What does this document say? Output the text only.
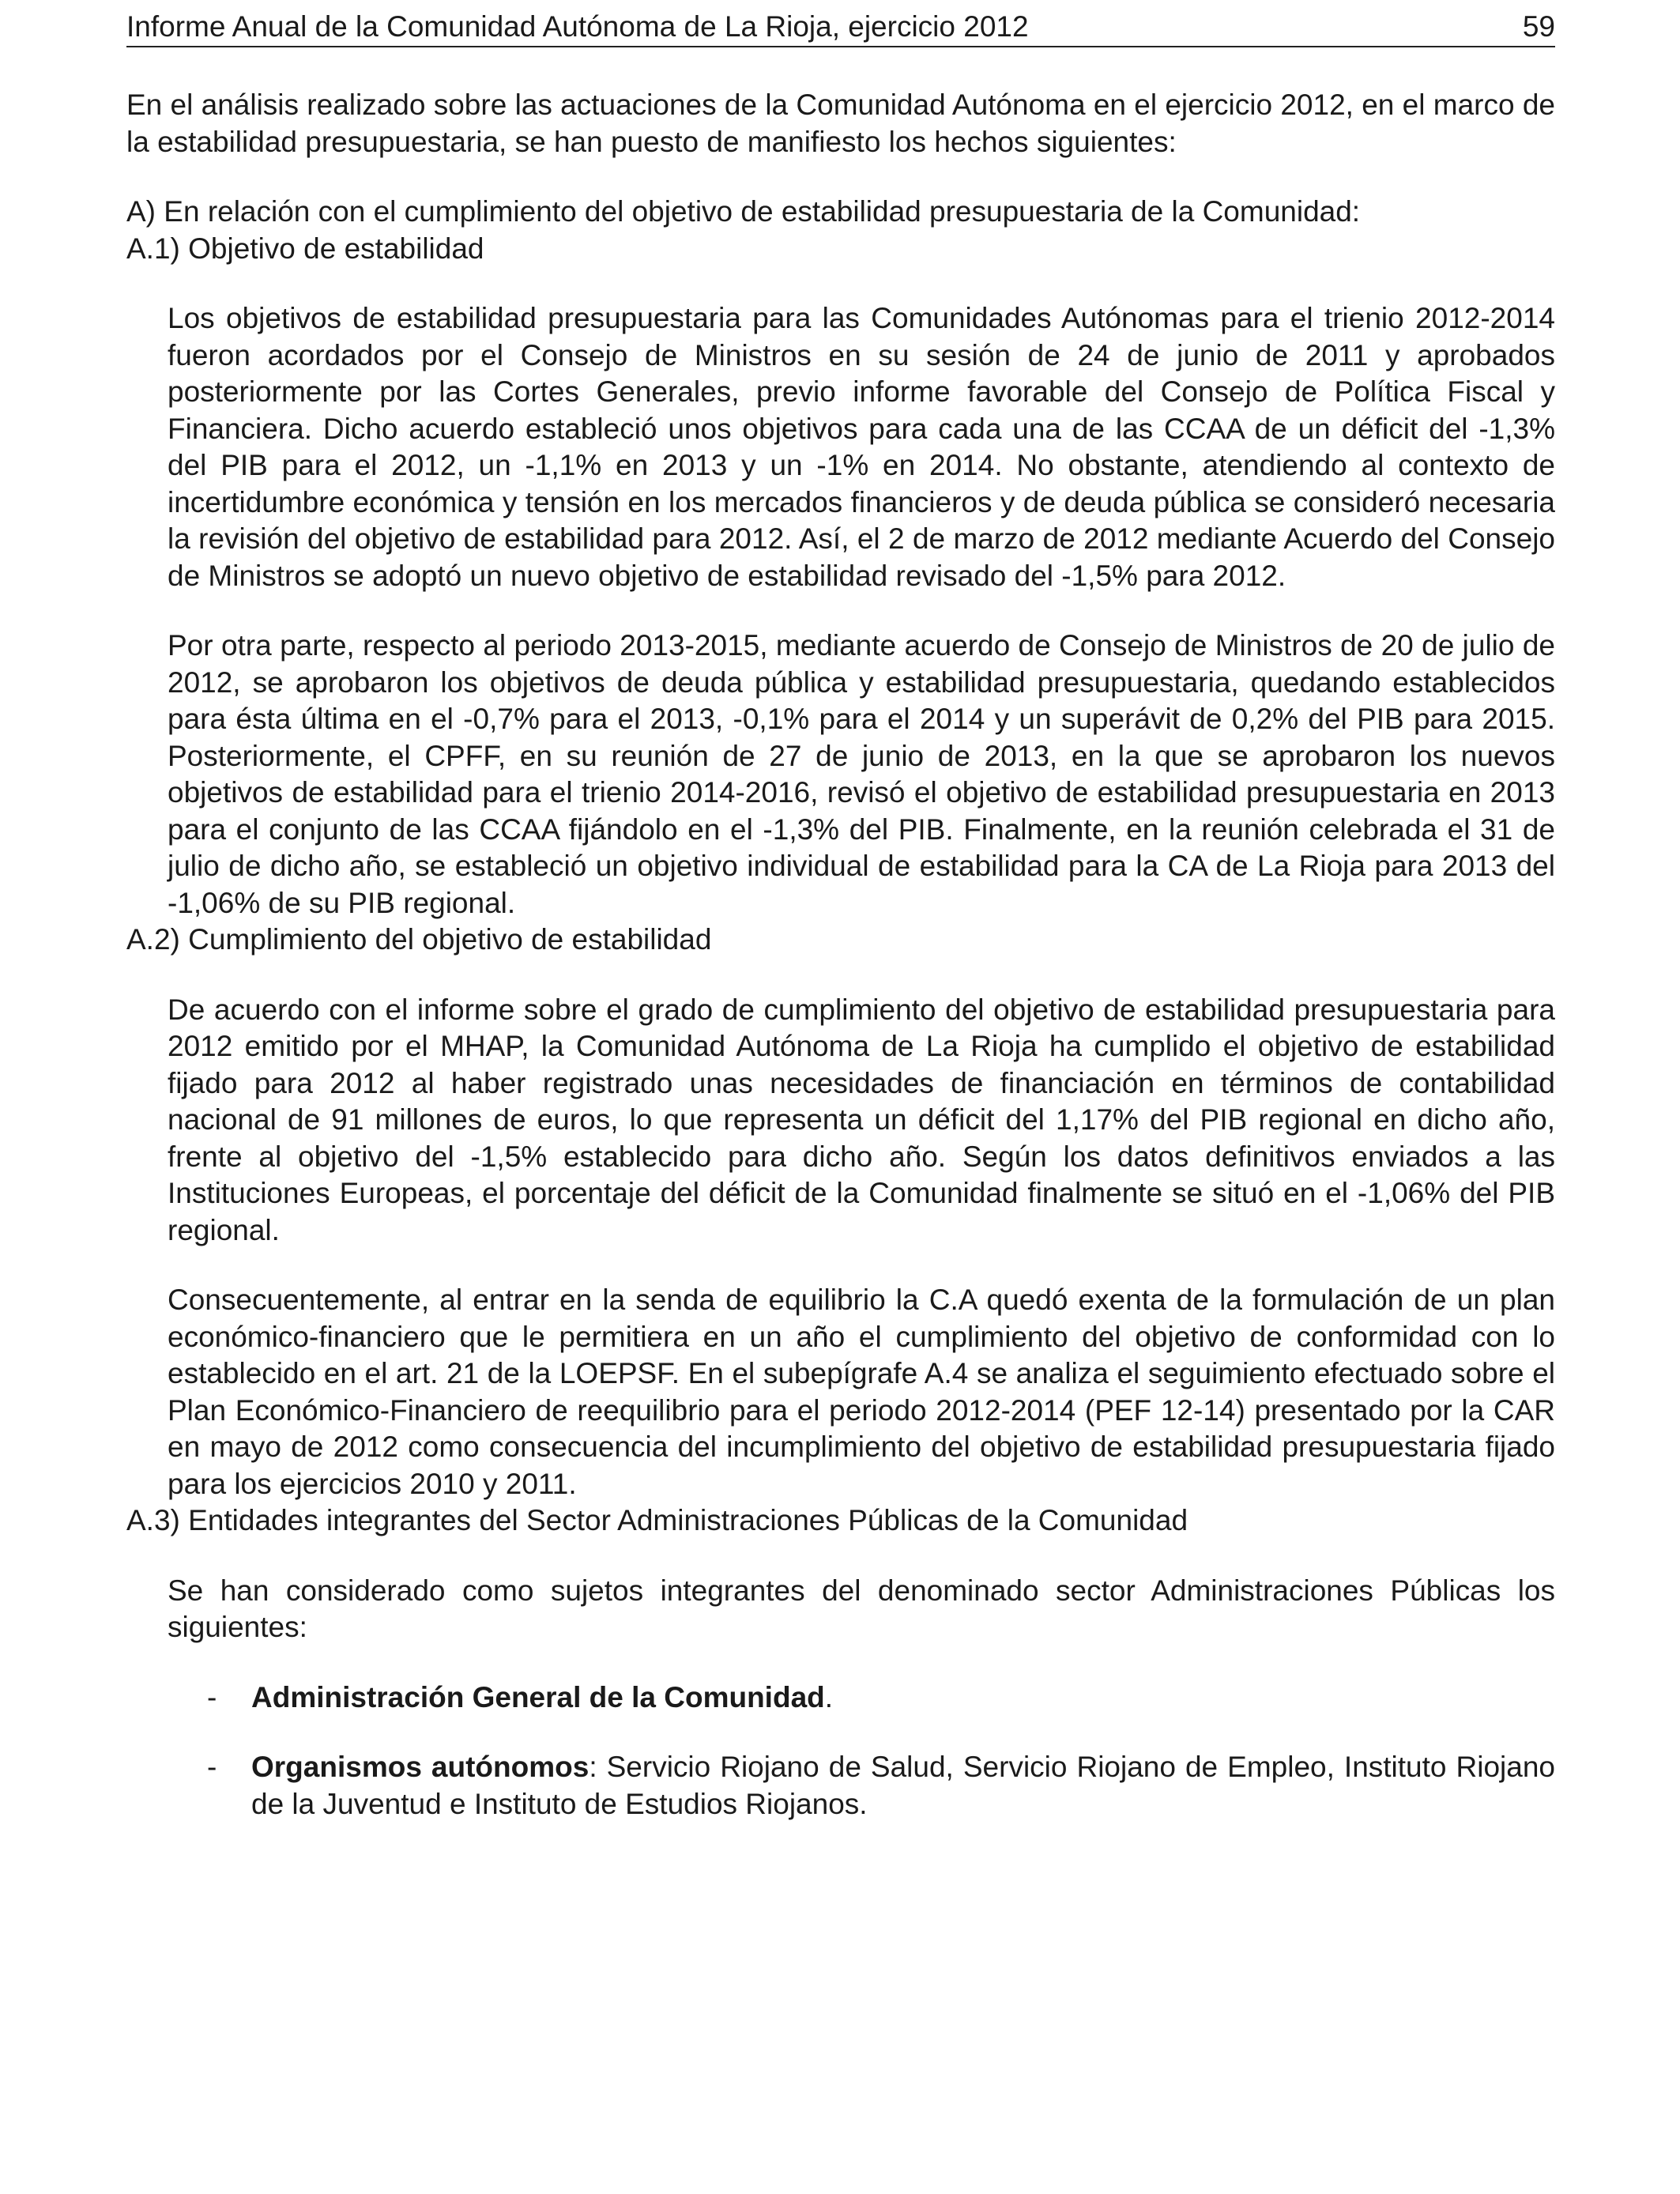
Informe Anual de la Comunidad Autónoma de La Rioja, ejercicio 2012	59

En el análisis realizado sobre las actuaciones de la Comunidad Autónoma en el ejercicio 2012, en el marco de la estabilidad presupuestaria, se han puesto de manifiesto los hechos siguientes:

A) En relación con el cumplimiento del objetivo de estabilidad presupuestaria de la Comunidad:

A.1) Objetivo de estabilidad

Los objetivos de estabilidad presupuestaria para las Comunidades Autónomas para el trienio 2012-2014 fueron acordados por el Consejo de Ministros en su sesión de 24 de junio de 2011 y aprobados posteriormente por las Cortes Generales, previo informe favorable del Consejo de Política Fiscal y Financiera. Dicho acuerdo estableció unos objetivos para cada una de las CCAA de un déficit del -1,3% del PIB para el 2012, un -1,1% en 2013 y un -1% en 2014. No obstante, atendiendo al contexto de incertidumbre económica y tensión en los mercados financieros y de deuda pública se consideró necesaria la revisión del objetivo de estabilidad para 2012. Así, el 2 de marzo de 2012 mediante Acuerdo del Consejo de Ministros se adoptó un nuevo objetivo de estabilidad revisado del -1,5% para 2012.

Por otra parte, respecto al periodo 2013-2015, mediante acuerdo de Consejo de Ministros de 20 de julio de 2012, se aprobaron los objetivos de deuda pública y estabilidad presupuestaria, quedando establecidos para ésta última en el -0,7% para el 2013, -0,1% para el 2014 y un superávit de 0,2% del PIB para 2015. Posteriormente, el CPFF, en su reunión de 27 de junio de 2013, en la que se aprobaron los nuevos objetivos de estabilidad para el trienio 2014-2016, revisó el objetivo de estabilidad presupuestaria en 2013 para el conjunto de las CCAA fijándolo en el -1,3% del PIB. Finalmente, en la reunión celebrada el 31 de julio de dicho año, se estableció un objetivo individual de estabilidad para la CA de La Rioja para 2013 del -1,06% de su PIB regional.

A.2) Cumplimiento del objetivo de estabilidad

De acuerdo con el informe sobre el grado de cumplimiento del objetivo de estabilidad presupuestaria para 2012 emitido por el MHAP, la Comunidad Autónoma de La Rioja ha cumplido el objetivo de estabilidad fijado para 2012 al haber registrado unas necesidades de financiación en términos de contabilidad nacional de 91 millones de euros, lo que representa un déficit del 1,17% del PIB regional en dicho año, frente al objetivo del -1,5% establecido para dicho año. Según los datos definitivos enviados a las Instituciones Europeas, el porcentaje del déficit de la Comunidad finalmente se situó en el -1,06% del PIB regional.

Consecuentemente, al entrar en la senda de equilibrio la C.A quedó exenta de la formulación de un plan económico-financiero que le permitiera en un año el cumplimiento del objetivo de conformidad con lo establecido en el art. 21 de la LOEPSF. En el subepígrafe A.4 se analiza el seguimiento efectuado sobre el Plan Económico-Financiero de reequilibrio para el periodo 2012-2014 (PEF 12-14) presentado por la CAR en mayo de 2012 como consecuencia del incumplimiento del objetivo de estabilidad presupuestaria fijado para los ejercicios 2010 y 2011.

A.3) Entidades integrantes del Sector Administraciones Públicas de la Comunidad

Se han considerado como sujetos integrantes del denominado sector Administraciones Públicas los siguientes:

- Administración General de la Comunidad.

- Organismos autónomos: Servicio Riojano de Salud, Servicio Riojano de Empleo, Instituto Riojano de la Juventud e Instituto de Estudios Riojanos.
